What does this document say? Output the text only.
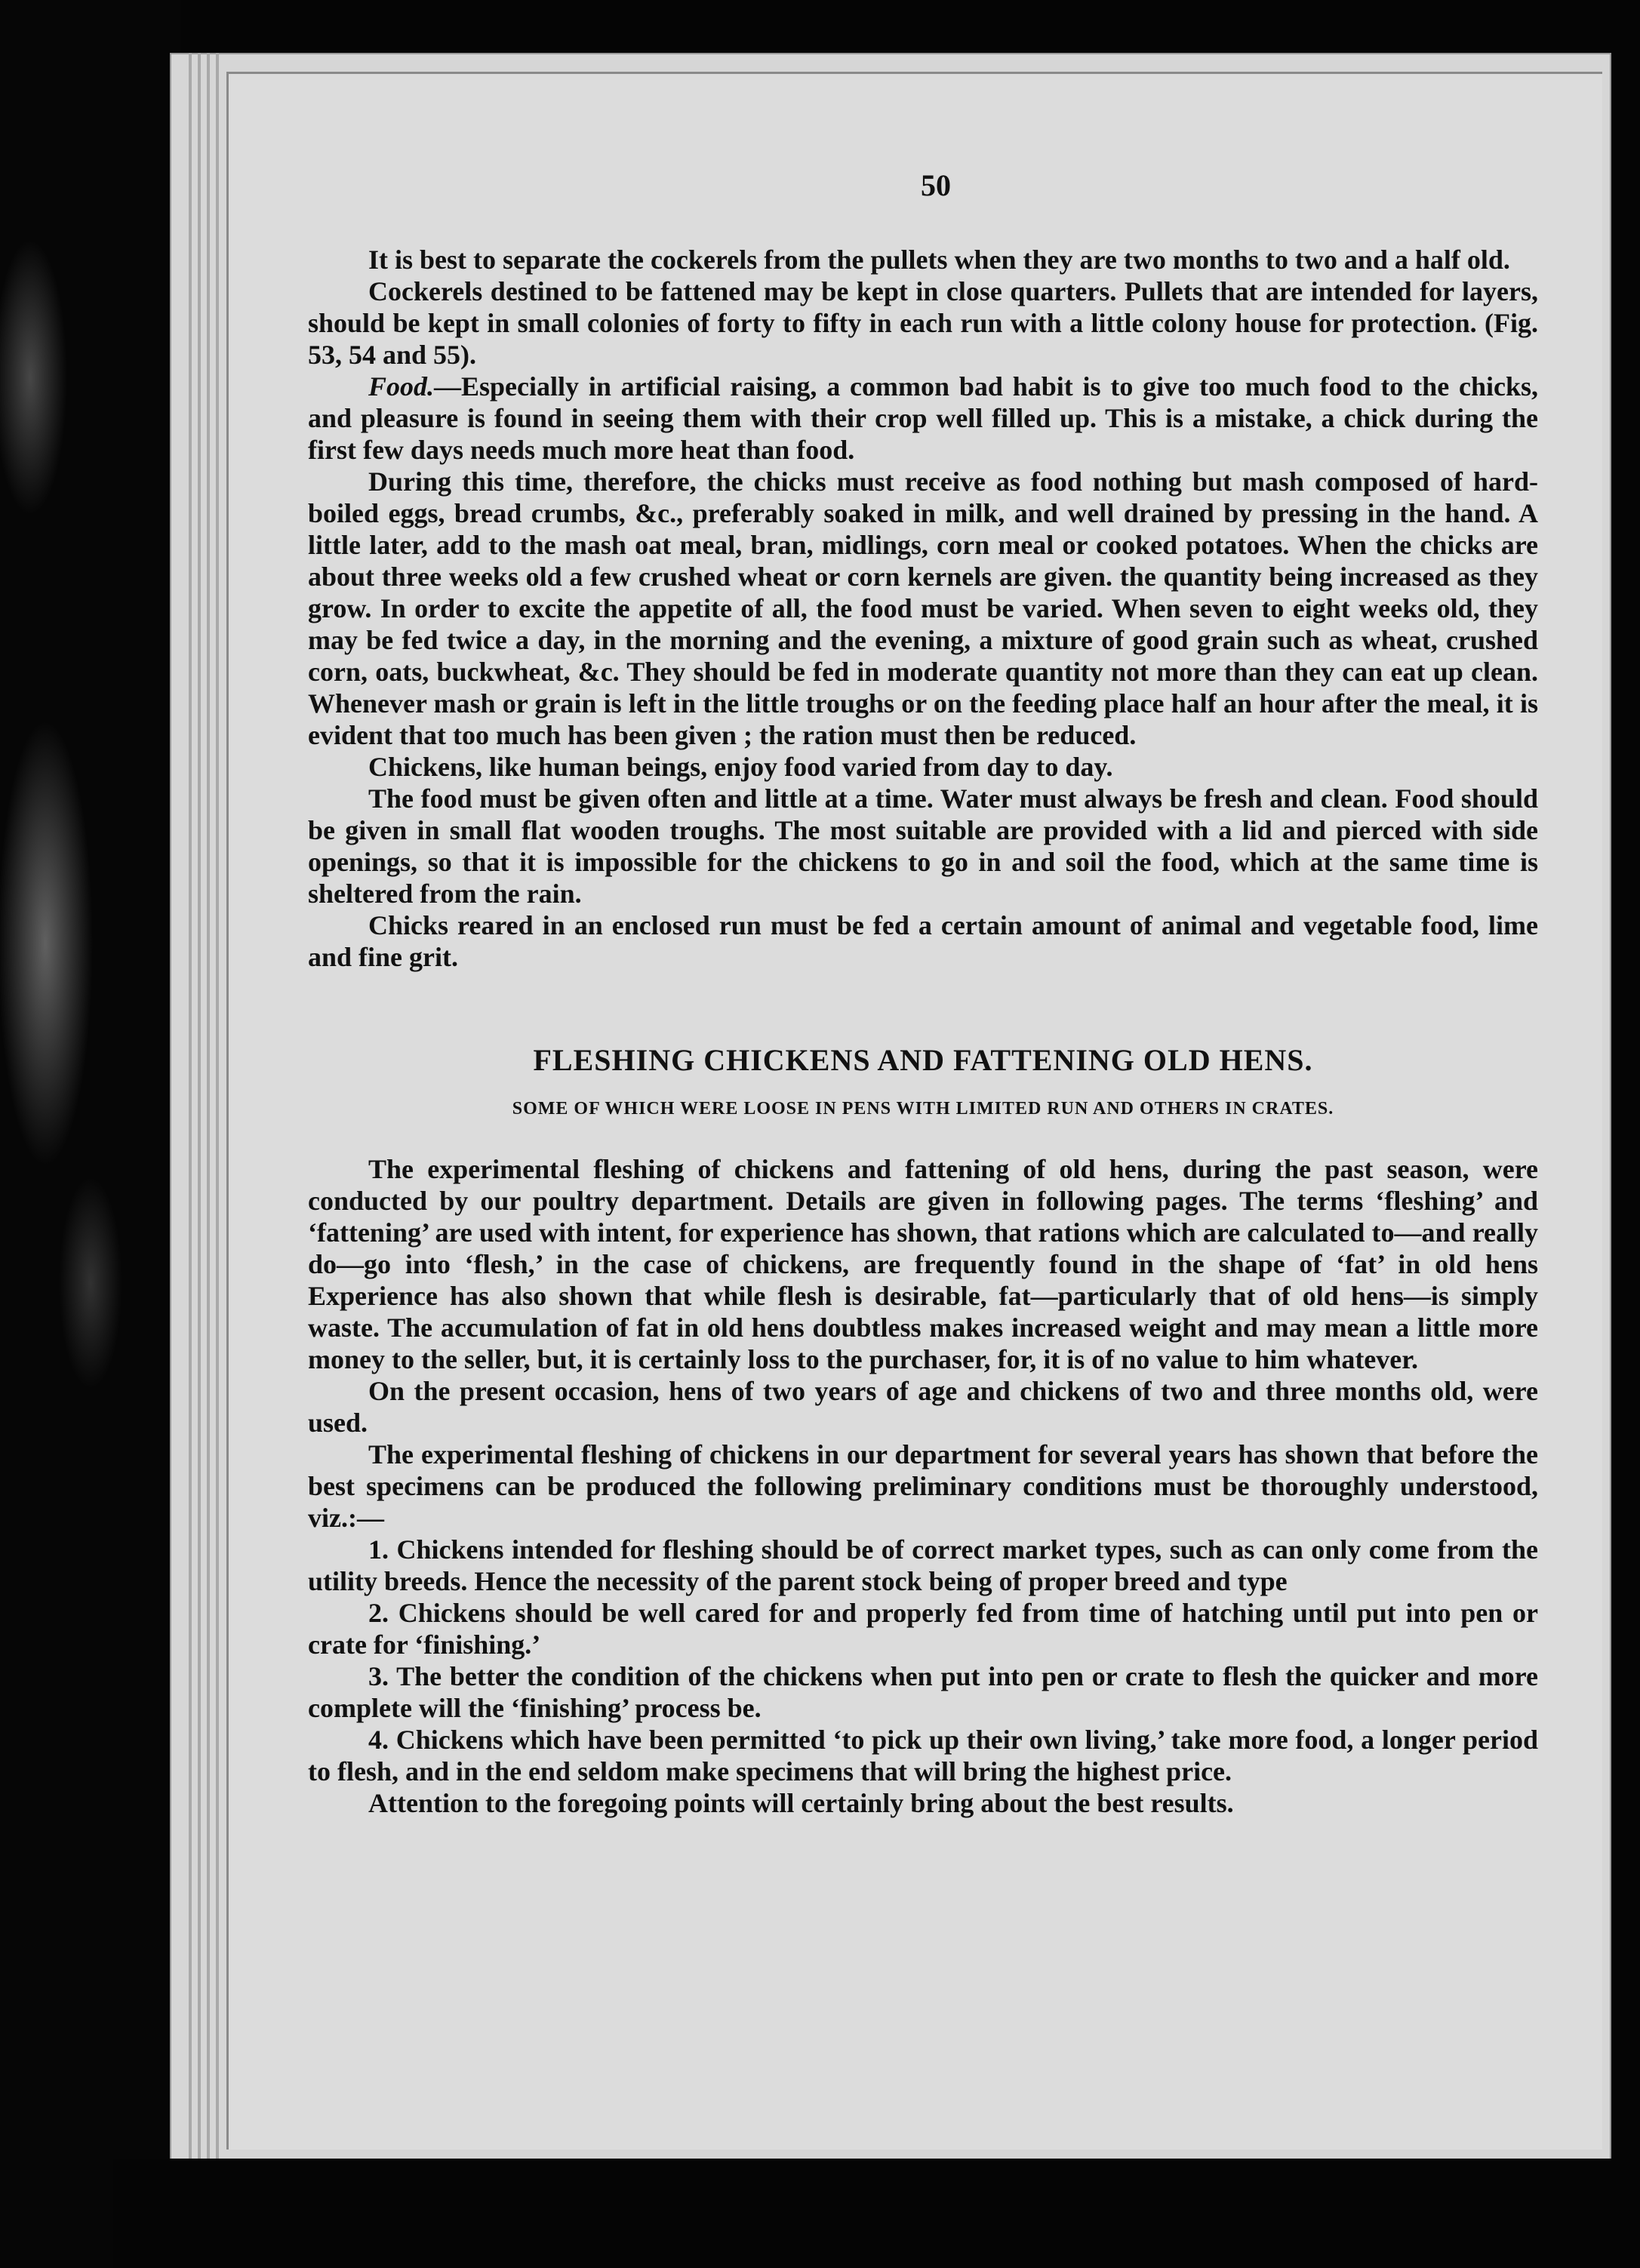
50

It is best to separate the cockerels from the pullets when they are two months to two and a half old.

Cockerels destined to be fattened may be kept in close quarters. Pullets that are intended for layers, should be kept in small colonies of forty to fifty in each run with a little colony house for protection. (Fig. 53, 54 and 55).

Food.—Especially in artificial raising, a common bad habit is to give too much food to the chicks, and pleasure is found in seeing them with their crop well filled up. This is a mistake, a chick during the first few days needs much more heat than food.

During this time, therefore, the chicks must receive as food nothing but mash composed of hard-boiled eggs, bread crumbs, &c., preferably soaked in milk, and well drained by pressing in the hand. A little later, add to the mash oat meal, bran, midlings, corn meal or cooked potatoes. When the chicks are about three weeks old a few crushed wheat or corn kernels are given. the quantity being increased as they grow. In order to excite the appetite of all, the food must be varied. When seven to eight weeks old, they may be fed twice a day, in the morning and the evening, a mixture of good grain such as wheat, crushed corn, oats, buckwheat, &c. They should be fed in moderate quantity not more than they can eat up clean. Whenever mash or grain is left in the little troughs or on the feeding place half an hour after the meal, it is evident that too much has been given ; the ration must then be reduced.

Chickens, like human beings, enjoy food varied from day to day.

The food must be given often and little at a time. Water must always be fresh and clean. Food should be given in small flat wooden troughs. The most suitable are provided with a lid and pierced with side openings, so that it is impossible for the chickens to go in and soil the food, which at the same time is sheltered from the rain.

Chicks reared in an enclosed run must be fed a certain amount of animal and vegetable food, lime and fine grit.

FLESHING CHICKENS AND FATTENING OLD HENS.
SOME OF WHICH WERE LOOSE IN PENS WITH LIMITED RUN AND OTHERS IN CRATES.

The experimental fleshing of chickens and fattening of old hens, during the past season, were conducted by our poultry department. Details are given in following pages. The terms ‘fleshing’ and ‘fattening’ are used with intent, for experience has shown, that rations which are calculated to—and really do—go into ‘flesh,’ in the case of chickens, are frequently found in the shape of ‘fat’ in old hens Experience has also shown that while flesh is desirable, fat—particularly that of old hens—is simply waste. The accumulation of fat in old hens doubtless makes increased weight and may mean a little more money to the seller, but, it is certainly loss to the purchaser, for, it is of no value to him whatever.

On the present occasion, hens of two years of age and chickens of two and three months old, were used.

The experimental fleshing of chickens in our department for several years has shown that before the best specimens can be produced the following preliminary conditions must be thoroughly understood, viz.:—

1. Chickens intended for fleshing should be of correct market types, such as can only come from the utility breeds. Hence the necessity of the parent stock being of proper breed and type

2. Chickens should be well cared for and properly fed from time of hatching until put into pen or crate for ‘finishing.’

3. The better the condition of the chickens when put into pen or crate to flesh the quicker and more complete will the ‘finishing’ process be.

4. Chickens which have been permitted ‘to pick up their own living,’ take more food, a longer period to flesh, and in the end seldom make specimens that will bring the highest price.

Attention to the foregoing points will certainly bring about the best results.
